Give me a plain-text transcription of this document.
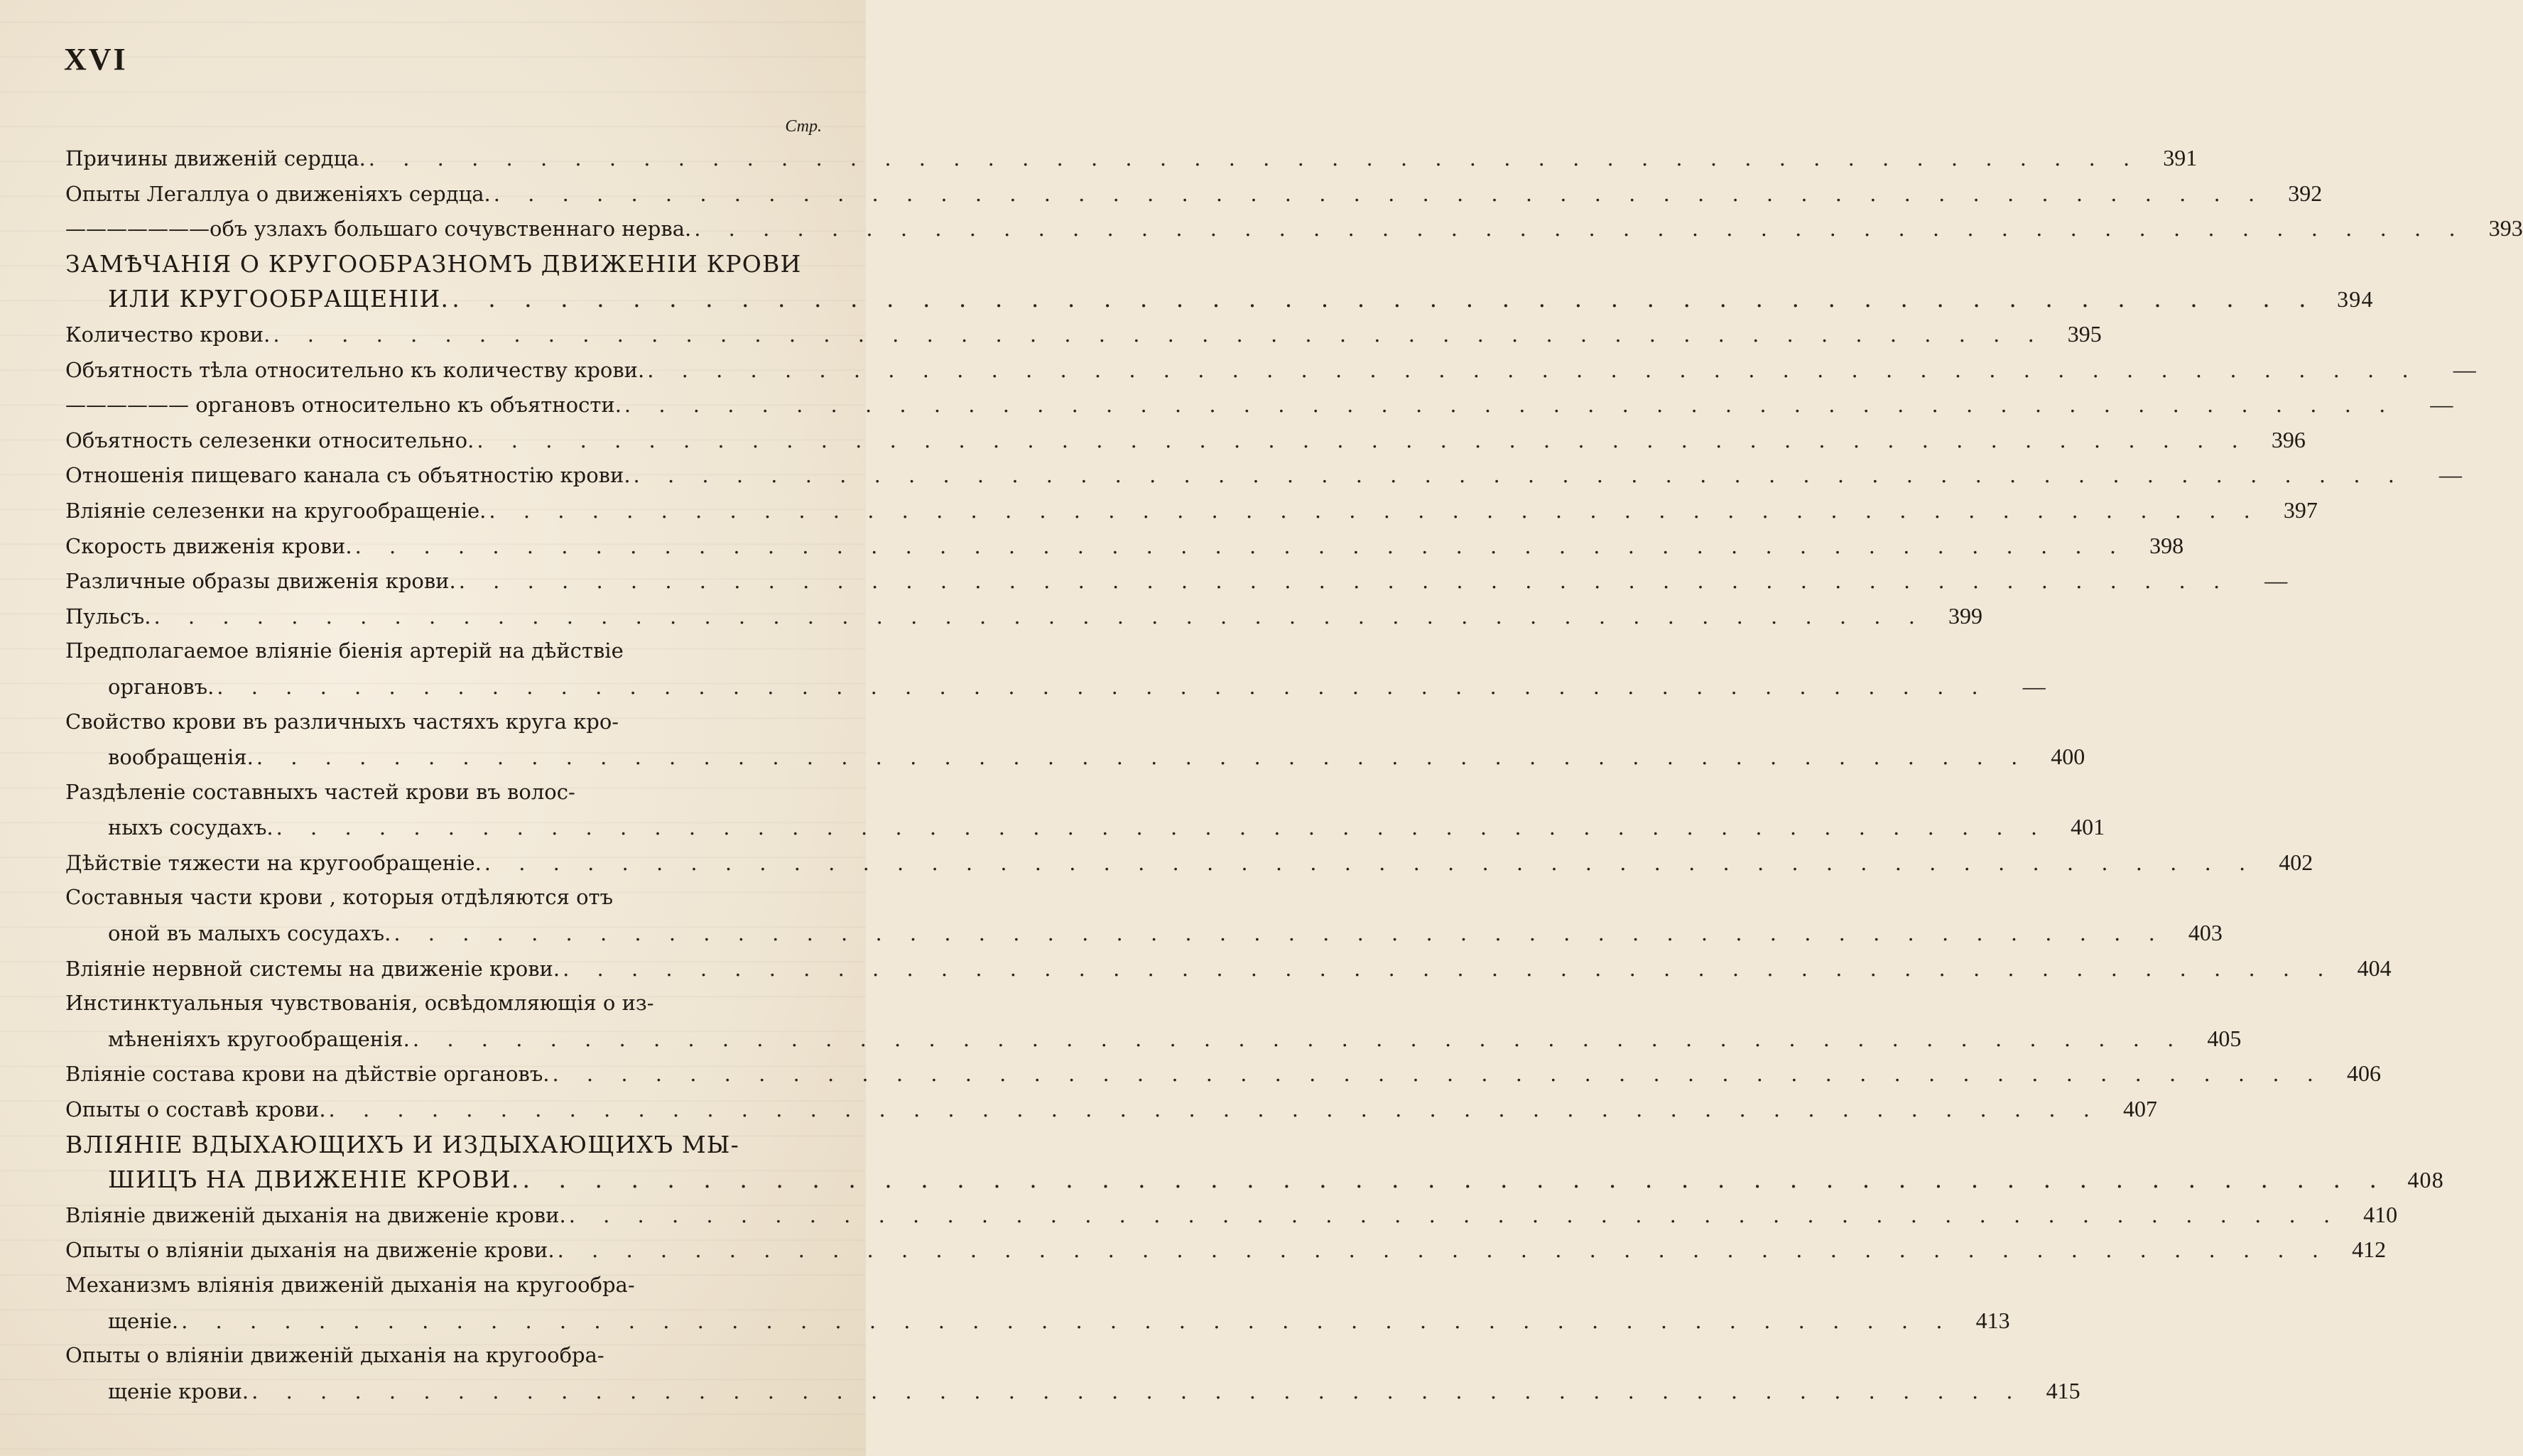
XVI
Стр.
Причины движеній сердца. . . .	391
Опыты Легаллуа о движеніяхъ сердца. . . .	392
———————объ узлахъ большаго сочувственнаго нерва. . . .	393
ЗАМѢЧАНІЯ О КРУГООБРАЗНОМЪ ДВИЖЕНІИ КРОВИ
ИЛИ КРУГООБРАЩЕНІИ. . . .	394
Количество крови. . . .	395
Объятность тѣла относительно къ количеству крови. . . .	—
—————— органовъ относительно къ объятности. . . .	—
Объятность селезенки относительно. . . .	396
Отношенія пищеваго канала съ объятностію крови. . . .	—
Вліяніе селезенки на кругообращеніе. . . .	397
Скорость движенія крови. . . .	398
Различные образы движенія крови. . . .	—
Пульсъ. . . .	399
Предполагаемое вліяніе біенія артерій на дѣйствіе
органовъ. . . .	—
Свойство крови въ различныхъ частяхъ круга кро-
вообращенія. . . .	400
Раздѣленіе составныхъ частей крови въ волос-
ныхъ сосудахъ. . . .	401
Дѣйствіе тяжести на кругообращеніе. . . .	402
Составныя части крови , которыя отдѣляются отъ
оной въ малыхъ сосудахъ. . . .	403
Вліяніе нервной системы на движеніе крови. . . .	404
Инстинктуальныя чувствованія, освѣдомляющія о из-
мѣненіяхъ кругообращенія. . . .	405
Вліяніе состава крови на дѣйствіе органовъ. . . .	406
Опыты о составѣ крови. . . .	407
ВЛІЯНІЕ ВДЫХАЮЩИХЪ И ИЗДЫХАЮЩИХЪ МЫ-
ШИЦЪ НА ДВИЖЕНІЕ КРОВИ. . . .	408
Вліяніе движеній дыханія на движеніе крови. . . .	410
Опыты о вліяніи дыханія на движеніе крови. . . .	412
Механизмъ вліянія движеній дыханія на кругообра-
щеніе. . . .	413
Опыты о вліяніи движеній дыханія на кругообра-
щеніе крови. . . .	415
